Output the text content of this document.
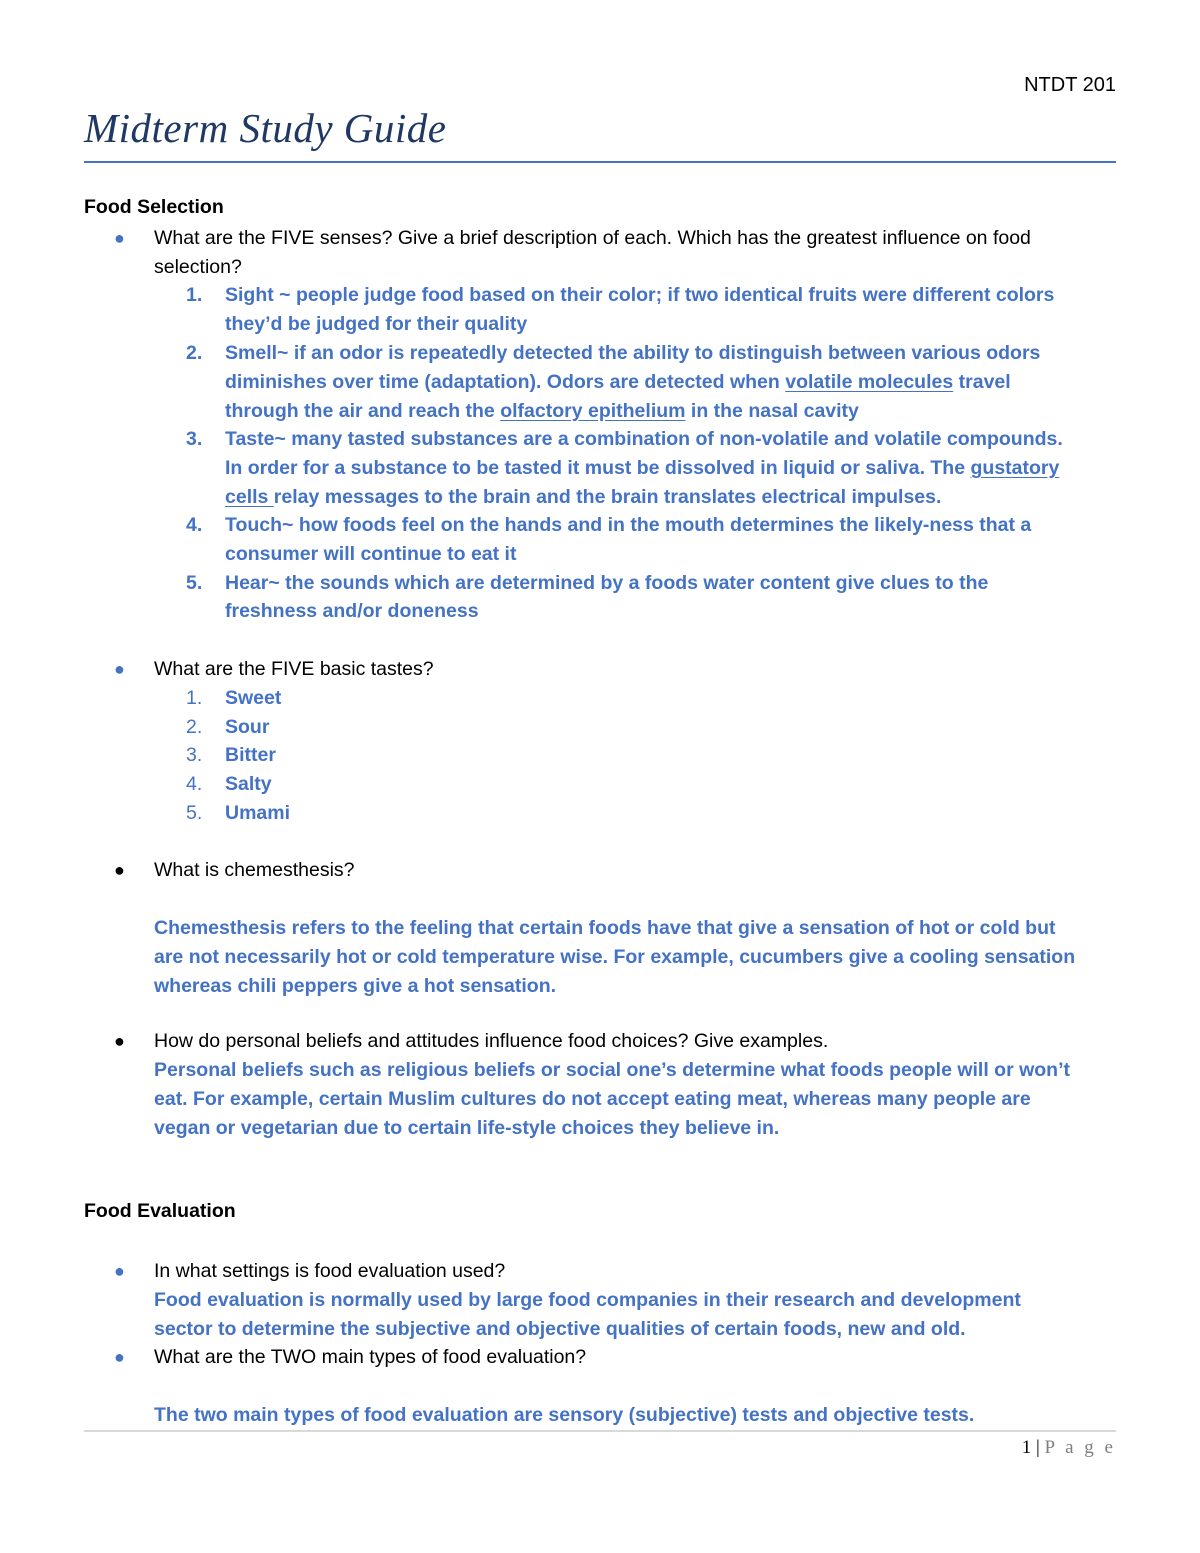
NTDT 201
Midterm Study Guide
Food Selection
●	What are the FIVE senses? Give a brief description of each. Which has the greatest influence on food
selection?
1.	Sight ~ people judge food based on their color; if two identical fruits were different colors
they’d be judged for their quality
2.	Smell~ if an odor is repeatedly detected the ability to distinguish between various odors
diminishes over time (adaptation). Odors are detected when volatile molecules travel
through the air and reach the olfactory epithelium in the nasal cavity
3.	Taste~ many tasted substances are a combination of non-volatile and volatile compounds.
In order for a substance to be tasted it must be dissolved in liquid or saliva. The gustatory
cells relay messages to the brain and the brain translates electrical impulses.
4.	Touch~ how foods feel on the hands and in the mouth determines the likely-ness that a
consumer will continue to eat it
5.	Hear~ the sounds which are determined by a foods water content give clues to the
freshness and/or doneness
●	What are the FIVE basic tastes?
1.	Sweet
2.	Sour
3.	Bitter
4.	Salty
5.	Umami
●	What is chemesthesis?
Chemesthesis refers to the feeling that certain foods have that give a sensation of hot or cold but
are not necessarily hot or cold temperature wise. For example, cucumbers give a cooling sensation
whereas chili peppers give a hot sensation.
●	How do personal beliefs and attitudes influence food choices? Give examples.
Personal beliefs such as religious beliefs or social one’s determine what foods people will or won’t
eat. For example, certain Muslim cultures do not accept eating meat, whereas many people are
vegan or vegetarian due to certain life-style choices they believe in.
Food Evaluation
●	In what settings is food evaluation used?
Food evaluation is normally used by large food companies in their research and development
sector to determine the subjective and objective qualities of certain foods, new and old.
●	What are the TWO main types of food evaluation?
The two main types of food evaluation are sensory (subjective) tests and objective tests.
1 | P a g e
